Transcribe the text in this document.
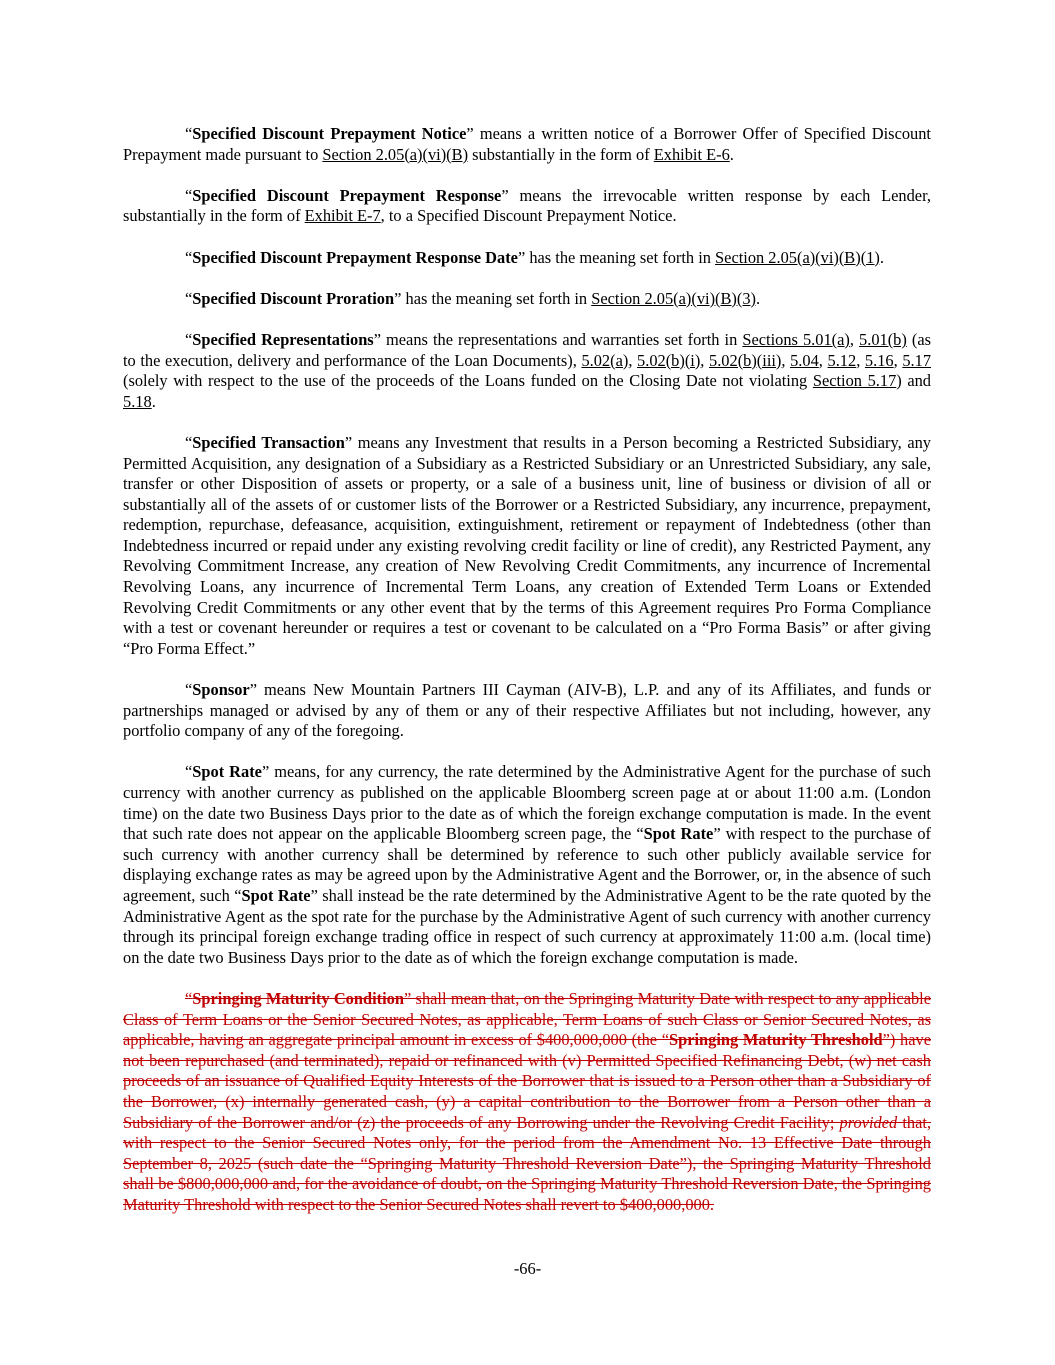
“Specified Discount Prepayment Notice” means a written notice of a Borrower Offer of Specified Discount Prepayment made pursuant to Section 2.05(a)(vi)(B) substantially in the form of Exhibit E-6.

“Specified Discount Prepayment Response” means the irrevocable written response by each Lender, substantially in the form of Exhibit E-7, to a Specified Discount Prepayment Notice.

“Specified Discount Prepayment Response Date” has the meaning set forth in Section 2.05(a)(vi)(B)(1).

“Specified Discount Proration” has the meaning set forth in Section 2.05(a)(vi)(B)(3).

“Specified Representations” means the representations and warranties set forth in Sections 5.01(a), 5.01(b) (as to the execution, delivery and performance of the Loan Documents), 5.02(a), 5.02(b)(i), 5.02(b)(iii), 5.04, 5.12, 5.16, 5.17 (solely with respect to the use of the proceeds of the Loans funded on the Closing Date not violating Section 5.17) and 5.18.

“Specified Transaction” means any Investment that results in a Person becoming a Restricted Subsidiary, any Permitted Acquisition, any designation of a Subsidiary as a Restricted Subsidiary or an Unrestricted Subsidiary, any sale, transfer or other Disposition of assets or property, or a sale of a business unit, line of business or division of all or substantially all of the assets of or customer lists of the Borrower or a Restricted Subsidiary, any incurrence, prepayment, redemption, repurchase, defeasance, acquisition, extinguishment, retirement or repayment of Indebtedness (other than Indebtedness incurred or repaid under any existing revolving credit facility or line of credit), any Restricted Payment, any Revolving Commitment Increase, any creation of New Revolving Credit Commitments, any incurrence of Incremental Revolving Loans, any incurrence of Incremental Term Loans, any creation of Extended Term Loans or Extended Revolving Credit Commitments or any other event that by the terms of this Agreement requires Pro Forma Compliance with a test or covenant hereunder or requires a test or covenant to be calculated on a “Pro Forma Basis” or after giving “Pro Forma Effect.”

“Sponsor” means New Mountain Partners III Cayman (AIV-B), L.P. and any of its Affiliates, and funds or partnerships managed or advised by any of them or any of their respective Affiliates but not including, however, any portfolio company of any of the foregoing.

“Spot Rate” means, for any currency, the rate determined by the Administrative Agent for the purchase of such currency with another currency as published on the applicable Bloomberg screen page at or about 11:00 a.m. (London time) on the date two Business Days prior to the date as of which the foreign exchange computation is made. In the event that such rate does not appear on the applicable Bloomberg screen page, the “Spot Rate” with respect to the purchase of such currency with another currency shall be determined by reference to such other publicly available service for displaying exchange rates as may be agreed upon by the Administrative Agent and the Borrower, or, in the absence of such agreement, such “Spot Rate” shall instead be the rate determined by the Administrative Agent to be the rate quoted by the Administrative Agent as the spot rate for the purchase by the Administrative Agent of such currency with another currency through its principal foreign exchange trading office in respect of such currency at approximately 11:00 a.m. (local time) on the date two Business Days prior to the date as of which the foreign exchange computation is made.

“Springing Maturity Condition” shall mean that, on the Springing Maturity Date with respect to any applicable Class of Term Loans or the Senior Secured Notes, as applicable, Term Loans of such Class or Senior Secured Notes, as applicable, having an aggregate principal amount in excess of $400,000,000 (the “Springing Maturity Threshold”) have not been repurchased (and terminated), repaid or refinanced with (v) Permitted Specified Refinancing Debt, (w) net cash proceeds of an issuance of Qualified Equity Interests of the Borrower that is issued to a Person other than a Subsidiary of the Borrower, (x) internally generated cash, (y) a capital contribution to the Borrower from a Person other than a Subsidiary of the Borrower and/or (z) the proceeds of any Borrowing under the Revolving Credit Facility; provided that, with respect to the Senior Secured Notes only, for the period from the Amendment No. 13 Effective Date through September 8, 2025 (such date the “Springing Maturity Threshold Reversion Date”), the Springing Maturity Threshold shall be $800,000,000 and, for the avoidance of doubt, on the Springing Maturity Threshold Reversion Date, the Springing Maturity Threshold with respect to the Senior Secured Notes shall revert to $400,000,000.

-66-
